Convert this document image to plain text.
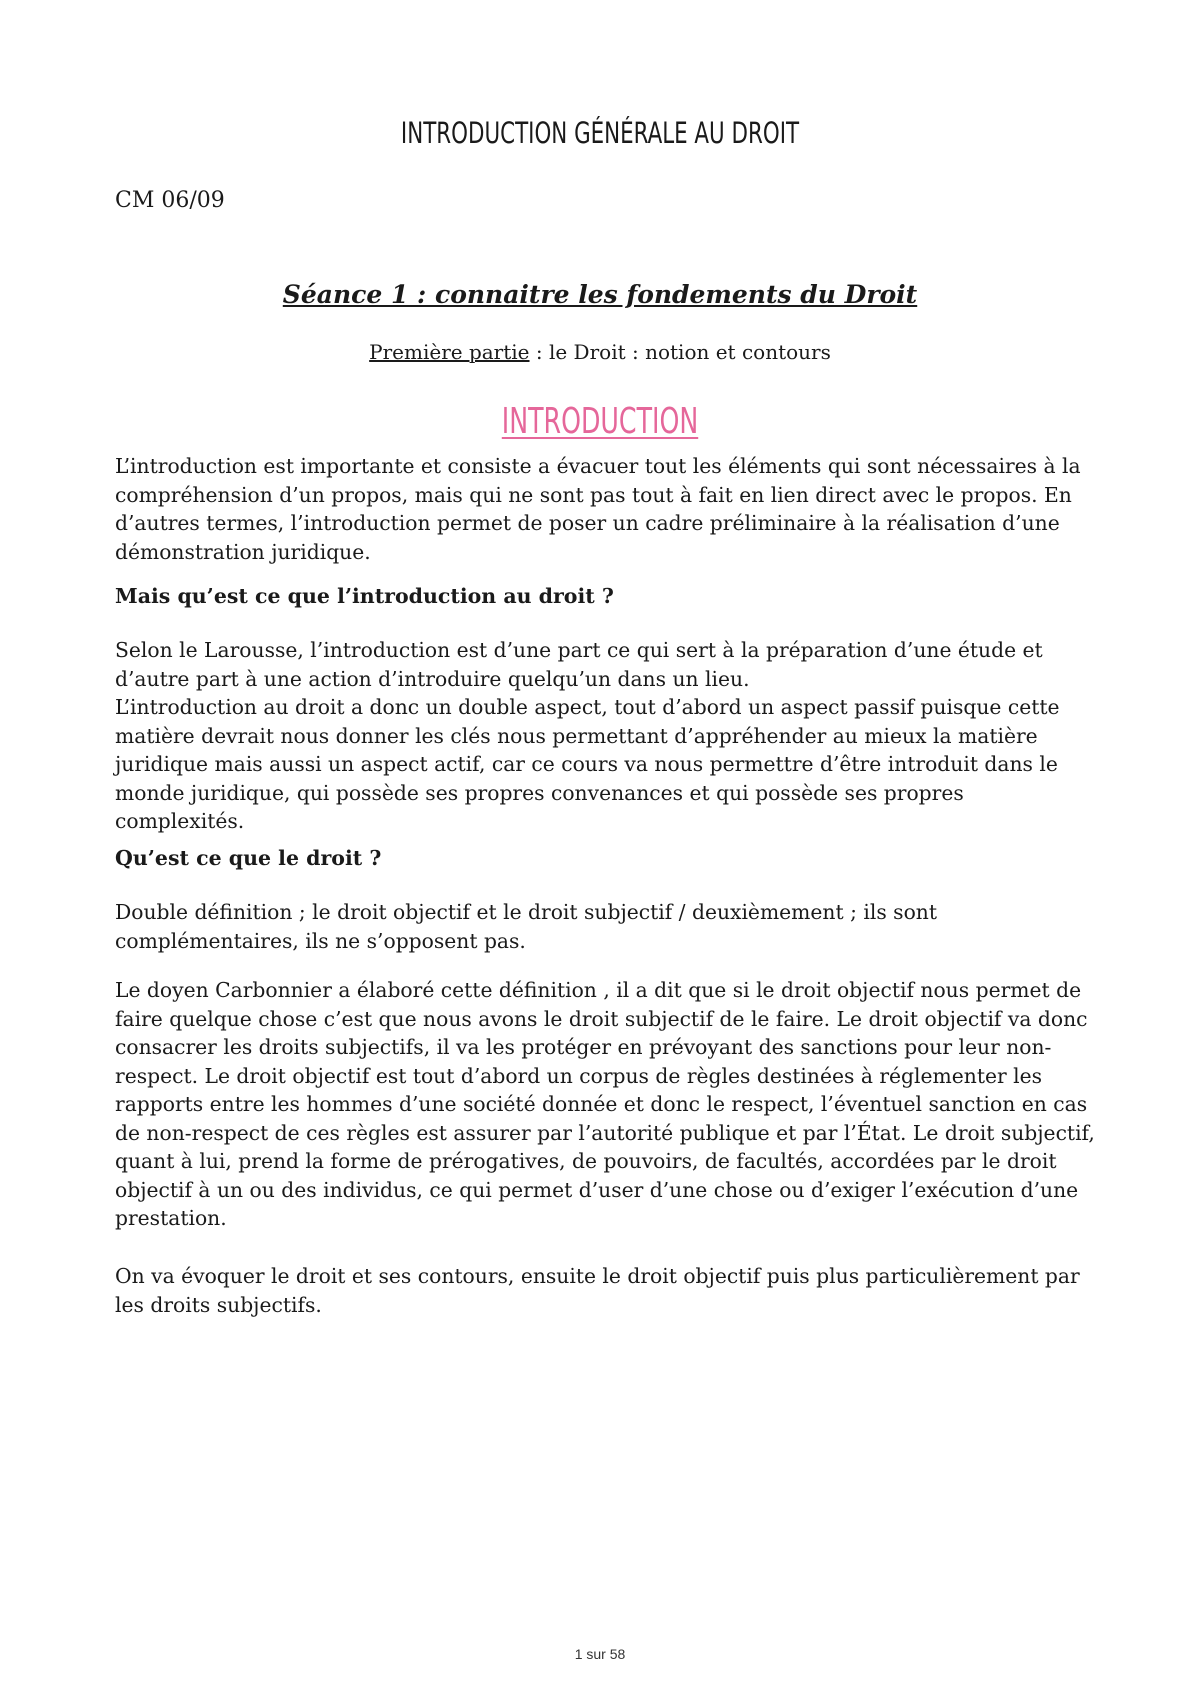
INTRODUCTION GÉNÉRALE AU DROIT
CM 06/09
Séance 1 : connaitre les fondements du Droit
Première partie : le Droit : notion et contours
INTRODUCTION

L’introduction est importante et consiste a évacuer tout les éléments qui sont nécessaires à la compréhension d’un propos, mais qui ne sont pas tout à fait en lien direct avec le propos. En d’autres termes, l’introduction permet de poser un cadre préliminaire à la réalisation d’une démonstration juridique.

Mais qu’est ce que l’introduction au droit ?

Selon le Larousse, l’introduction est d’une part ce qui sert à la préparation d’une étude et d’autre part à une action d’introduire quelqu’un dans un lieu.

L’introduction au droit a donc un double aspect, tout d’abord un aspect passif puisque cette matière devrait nous donner les clés nous permettant d’appréhender au mieux la matière juridique mais aussi un aspect actif, car ce cours va nous permettre d’être introduit dans le monde juridique, qui possède ses propres convenances et qui possède ses propres complexités.

Qu’est ce que le droit ?

Double définition ; le droit objectif et le droit subjectif / deuxièmement ; ils sont complémentaires, ils ne s’opposent pas.

Le doyen Carbonnier a élaboré cette définition , il a dit que si le droit objectif nous permet de faire quelque chose c’est que nous avons le droit subjectif de le faire. Le droit objectif va donc consacrer les droits subjectifs, il va les protéger en prévoyant des sanctions pour leur non-respect. Le droit objectif est tout d’abord un corpus de règles destinées à réglementer les rapports entre les hommes d’une société donnée et donc le respect, l’éventuel sanction en cas de non-respect de ces règles est assurer par l’autorité publique et par l’État. Le droit subjectif, quant à lui, prend la forme de prérogatives, de pouvoirs, de facultés, accordées par le droit objectif à un ou des individus, ce qui permet d’user d’une chose ou d’exiger l’exécution d’une prestation.

On va évoquer le droit et ses contours, ensuite le droit objectif puis plus particulièrement par les droits subjectifs.

1 sur 58
